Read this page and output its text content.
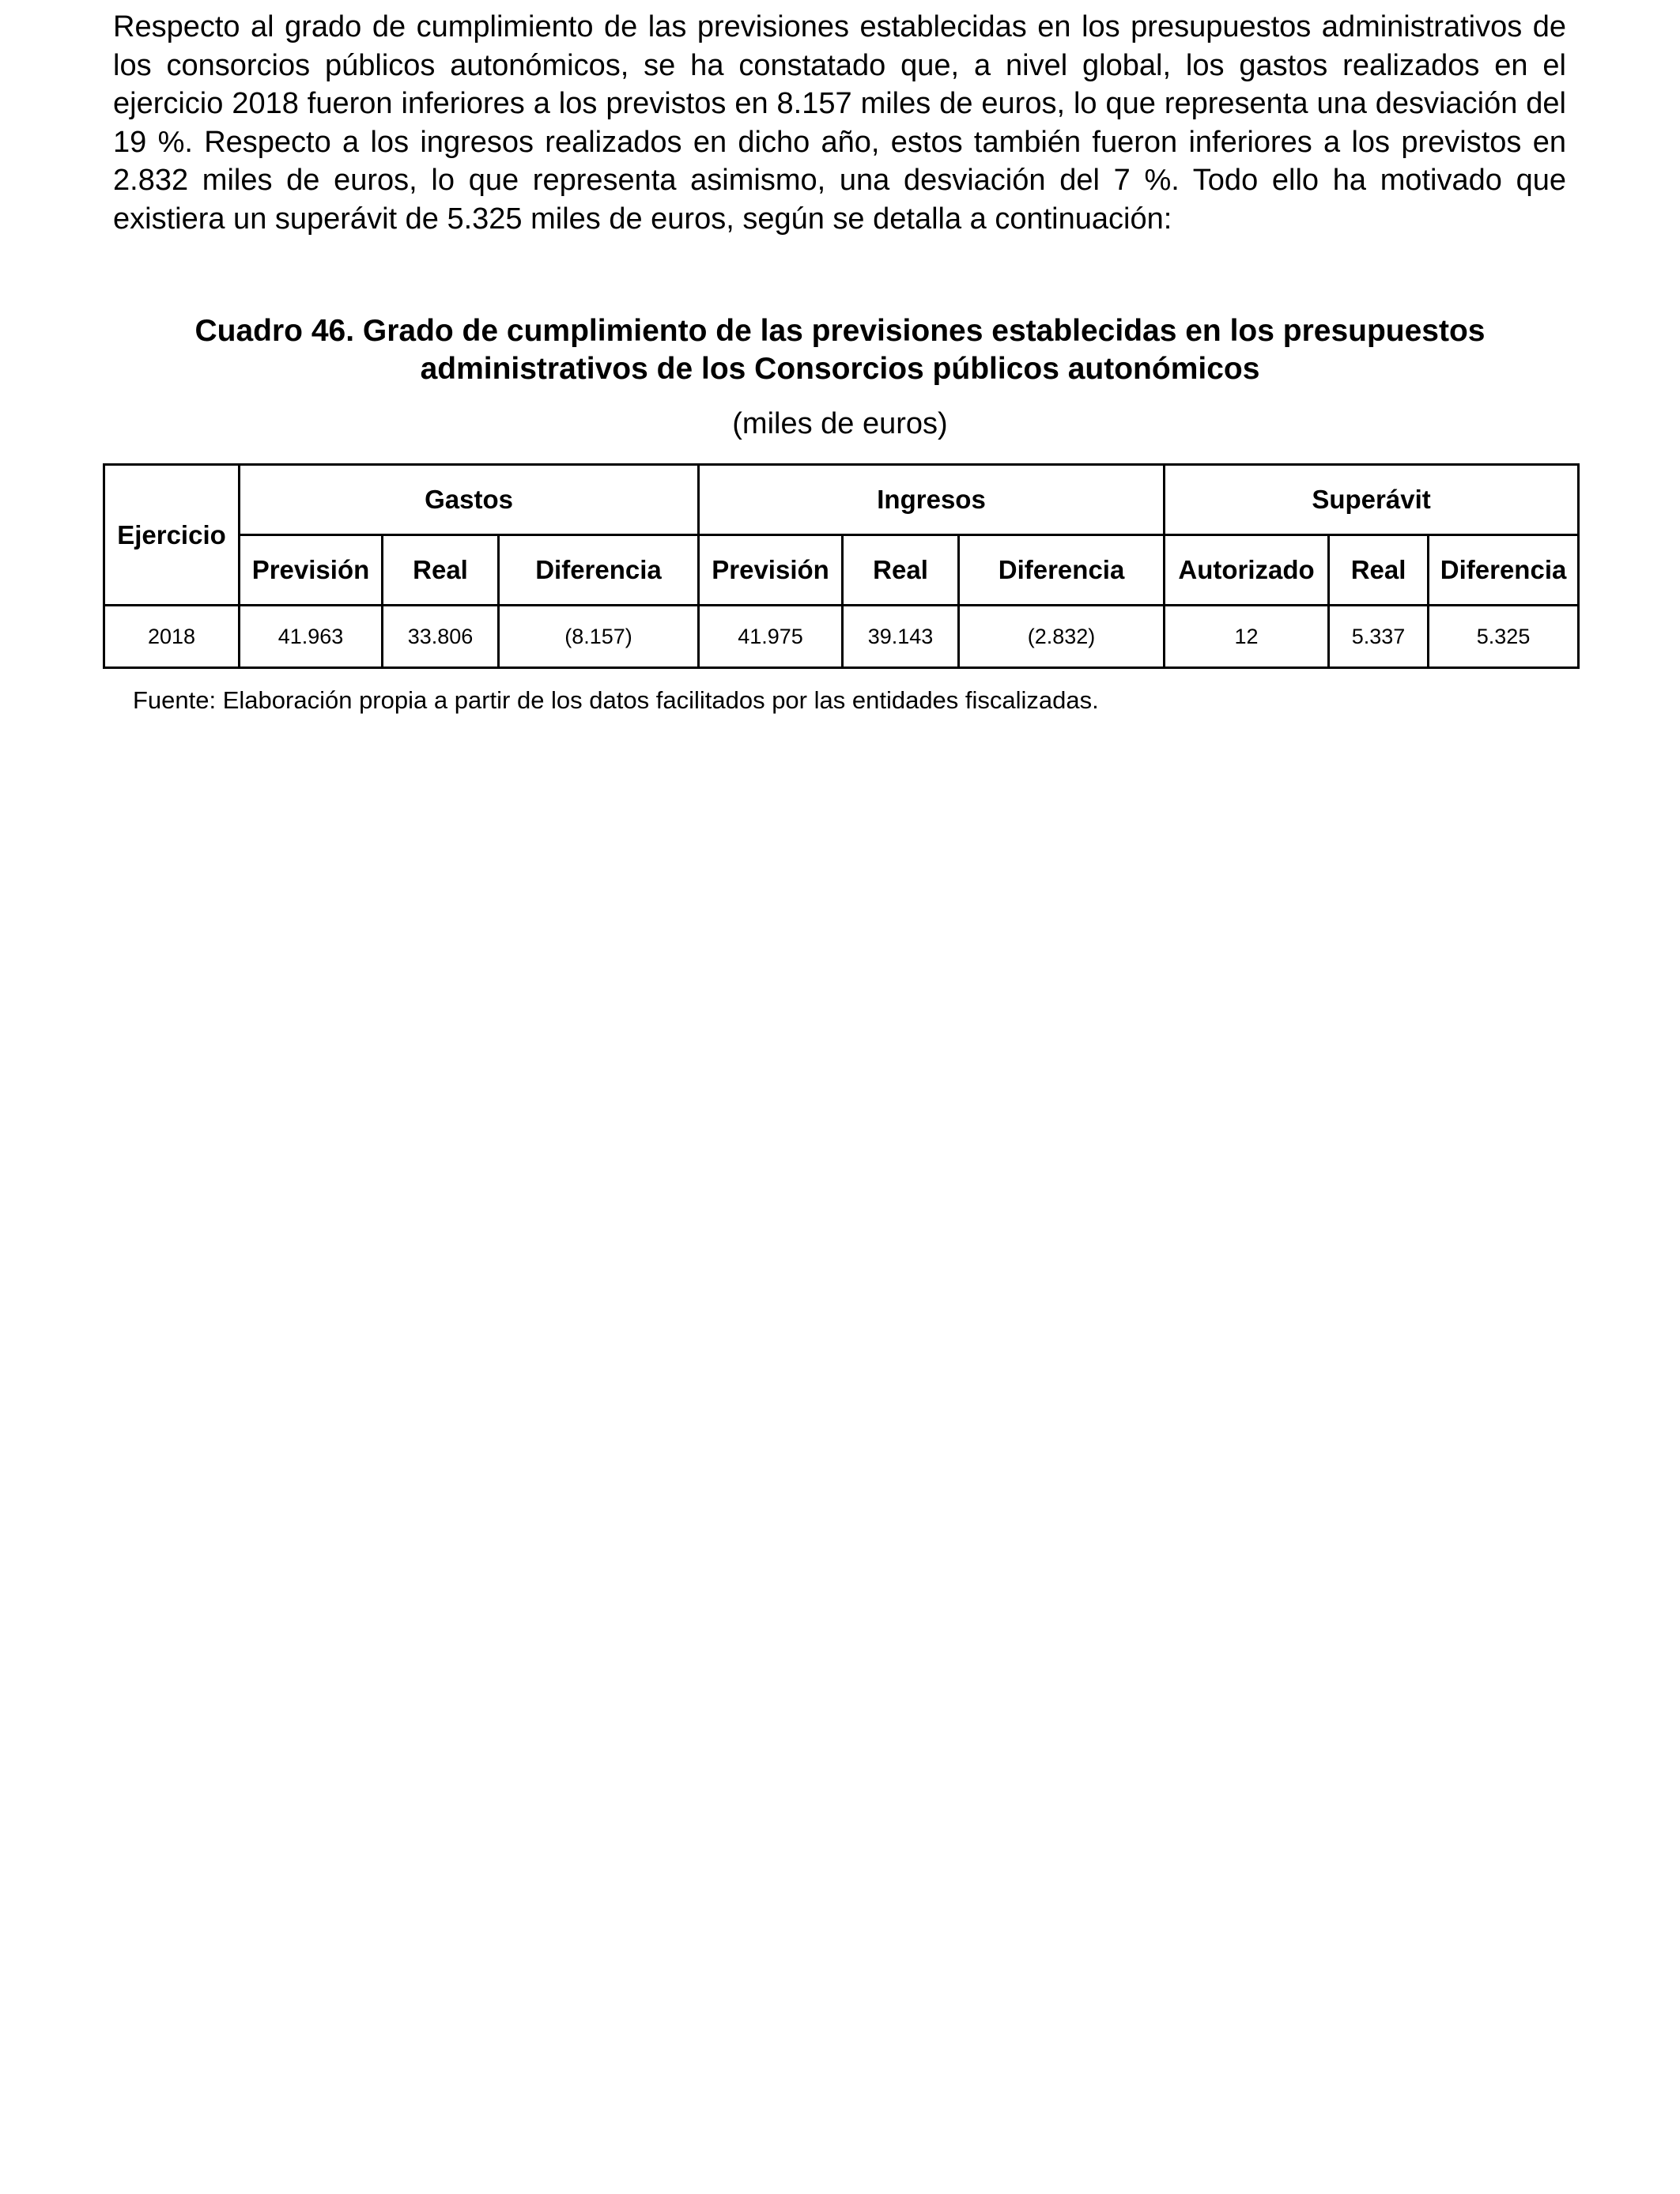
Respecto al grado de cumplimiento de las previsiones establecidas en los presupuestos administrativos de los consorcios públicos autonómicos, se ha constatado que, a nivel global, los gastos realizados en el ejercicio 2018 fueron inferiores a los previstos en 8.157 miles de euros, lo que representa una desviación del 19 %. Respecto a los ingresos realizados en dicho año, estos también fueron inferiores a los previstos en 2.832 miles de euros, lo que representa asimismo, una desviación del 7 %. Todo ello ha motivado que existiera un superávit de 5.325 miles de euros, según se detalla a continuación:

Cuadro 46. Grado de cumplimiento de las previsiones establecidas en los presupuestos
administrativos de los Consorcios públicos autonómicos

(miles de euros)

Ejercicio	Gastos			Ingresos			Superávit		
	Previsión	Real	Diferencia	Previsión	Real	Diferencia	Autorizado	Real	Diferencia
2018	41.963	33.806	(8.157)	41.975	39.143	(2.832)	12	5.337	5.325

Fuente: Elaboración propia a partir de los datos facilitados por las entidades fiscalizadas.
